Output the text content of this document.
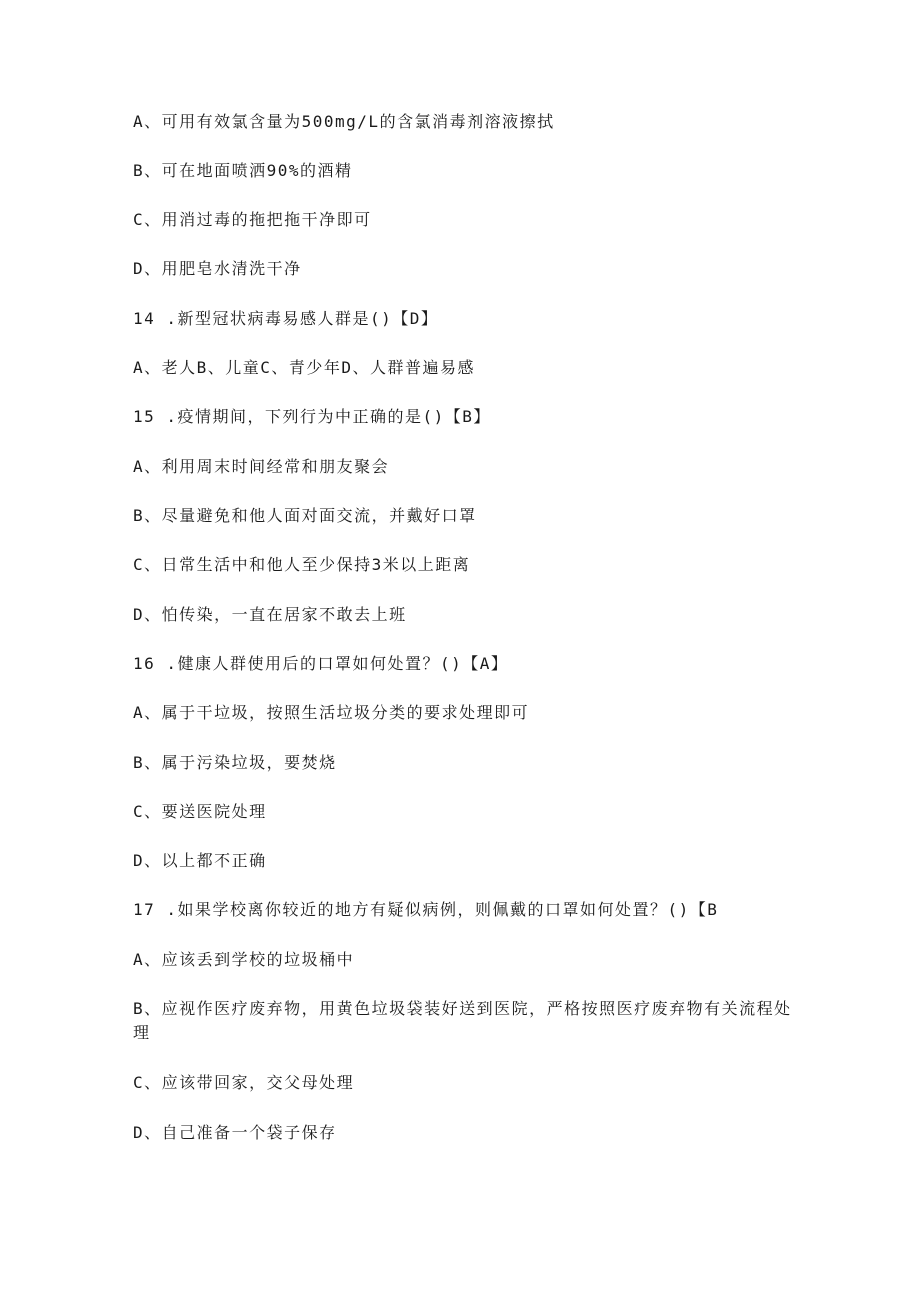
A、可用有效氯含量为500mg/L的含氯消毒剂溶液擦拭
B、可在地面喷洒90%的酒精
C、用消过毒的拖把拖干净即可
D、用肥皂水清洗干净
14 .新型冠状病毒易感人群是()【D】
A、老人B、儿童C、青少年D、人群普遍易感
15 .疫情期间，下列行为中正确的是()【B】
A、利用周末时间经常和朋友聚会
B、尽量避免和他人面对面交流，并戴好口罩
C、日常生活中和他人至少保持3米以上距离
D、怕传染，一直在居家不敢去上班
16 .健康人群使用后的口罩如何处置？()【A】
A、属于干垃圾，按照生活垃圾分类的要求处理即可
B、属于污染垃圾，要焚烧
C、要送医院处理
D、以上都不正确
17 .如果学校离你较近的地方有疑似病例，则佩戴的口罩如何处置？()【B
A、应该丢到学校的垃圾桶中
B、应视作医疗废弃物，用黄色垃圾袋装好送到医院，严格按照医疗废弃物有关流程处理
C、应该带回家，交父母处理
D、自己准备一个袋子保存
